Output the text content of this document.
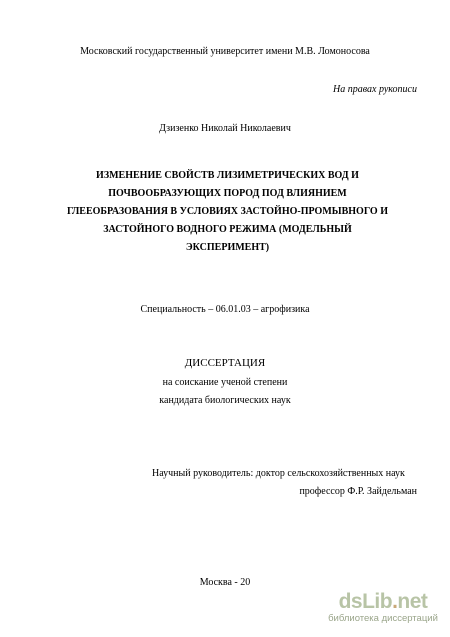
Московский государственный университет имени М.В. Ломоносова
На правах рукописи
Дзизенко Николай Николаевич
ИЗМЕНЕНИЕ СВОЙСТВ ЛИЗИМЕТРИЧЕСКИХ ВОД И
ПОЧВООБРАЗУЮЩИХ ПОРОД ПОД ВЛИЯНИЕМ
ГЛЕЕОБРАЗОВАНИЯ В УСЛОВИЯХ ЗАСТОЙНО-ПРОМЫВНОГО И
ЗАСТОЙНОГО ВОДНОГО РЕЖИМА (МОДЕЛЬНЫЙ
ЭКСПЕРИМЕНТ)
Специальность – 06.01.03 – агрофизика
ДИССЕРТАЦИЯ
на соискание ученой степени
кандидата биологических наук
Научный руководитель: доктор сельскохозяйственных наук
профессор Ф.Р. Зайдельман
Москва - 20
dsLib.net
библиотека диссертаций
